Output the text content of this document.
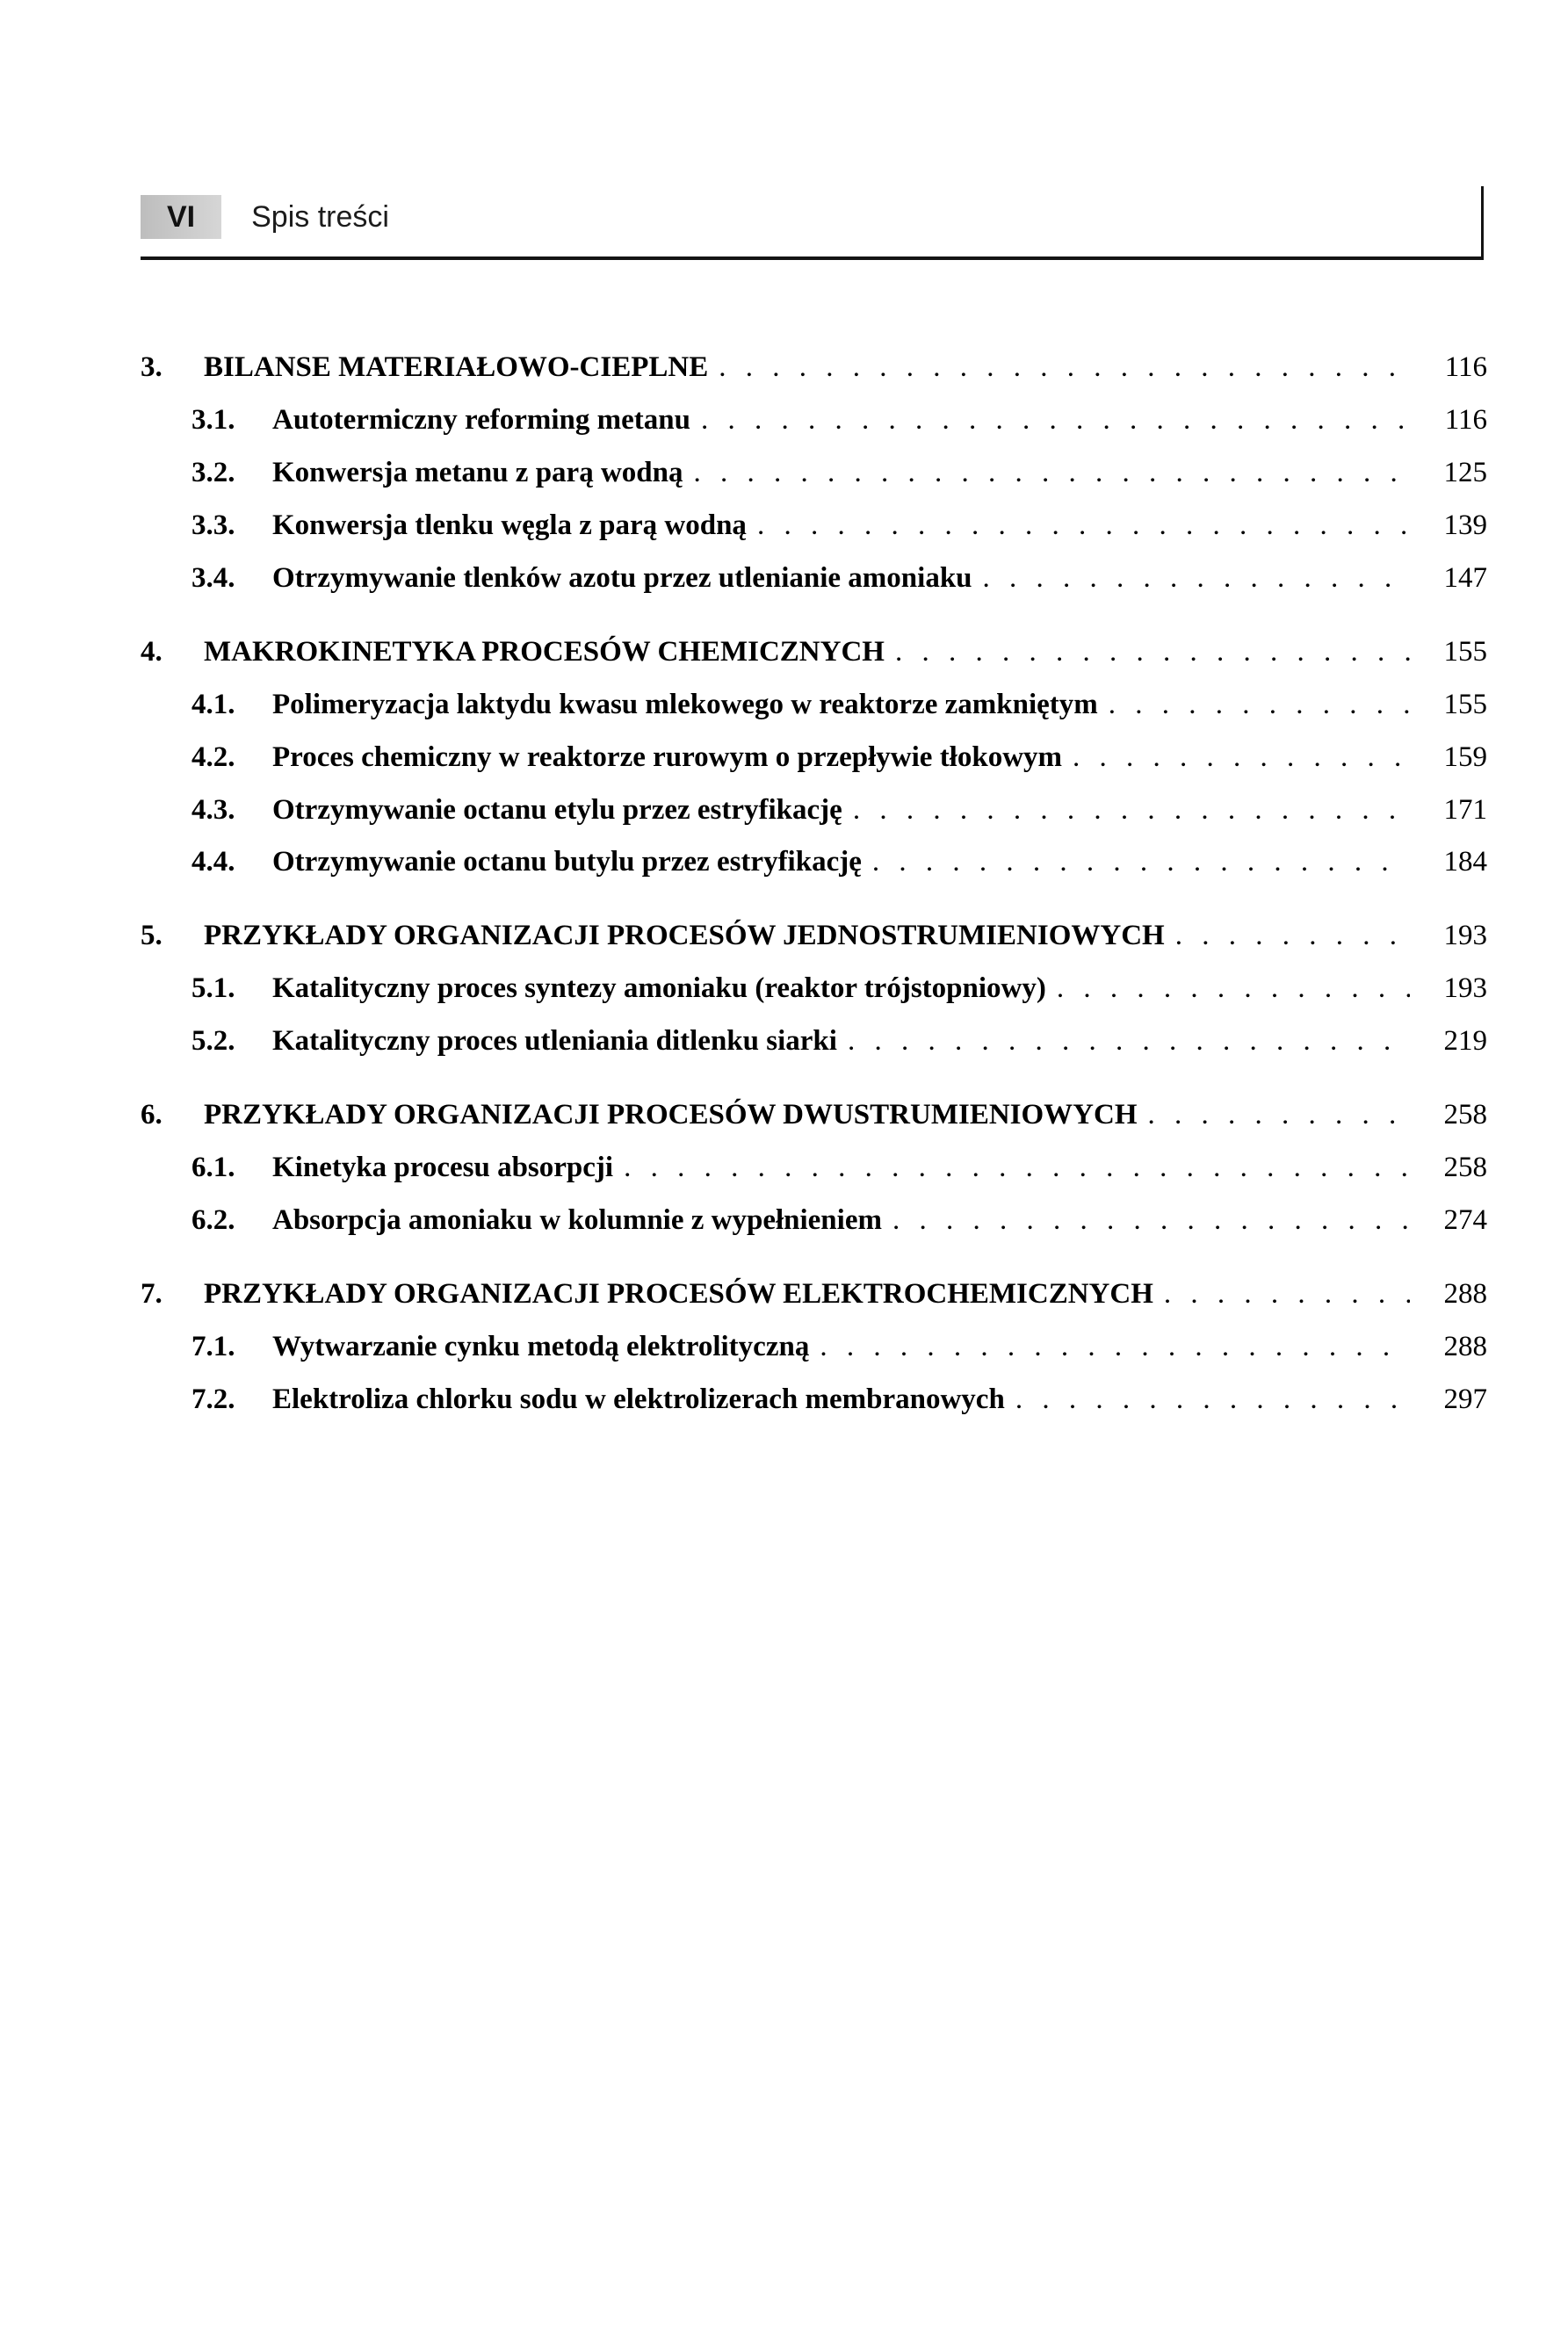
VI	Spis treści
3.	BILANSE MATERIAŁOWO-CIEPLNE . . .	116
3.1.	Autotermiczny reforming metanu . . .	116
3.2.	Konwersja metanu z parą wodną . . .	125
3.3.	Konwersja tlenku węgla z parą wodną . . .	139
3.4.	Otrzymywanie tlenków azotu przez utlenianie amoniaku . . .	147
4.	MAKROKINETYKA PROCESÓW CHEMICZNYCH . . .	155
4.1.	Polimeryzacja laktydu kwasu mlekowego w reaktorze zamkniętym . . .	155
4.2.	Proces chemiczny w reaktorze rurowym o przepływie tłokowym . . .	159
4.3.	Otrzymywanie octanu etylu przez estryfikację . . .	171
4.4.	Otrzymywanie octanu butylu przez estryfikację . . .	184
5.	PRZYKŁADY ORGANIZACJI PROCESÓW JEDNOSTRUMIENIOWYCH . . .	193
5.1.	Katalityczny proces syntezy amoniaku (reaktor trójstopniowy) . . .	193
5.2.	Katalityczny proces utleniania ditlenku siarki . . .	219
6.	PRZYKŁADY ORGANIZACJI PROCESÓW DWUSTRUMIENIOWYCH . . .	258
6.1.	Kinetyka procesu absorpcji . . .	258
6.2.	Absorpcja amoniaku w kolumnie z wypełnieniem . . .	274
7.	PRZYKŁADY ORGANIZACJI PROCESÓW ELEKTROCHEMICZNYCH . . .	288
7.1.	Wytwarzanie cynku metodą elektrolityczną . . .	288
7.2.	Elektroliza chlorku sodu w elektrolizerach membranowych . . .	297
